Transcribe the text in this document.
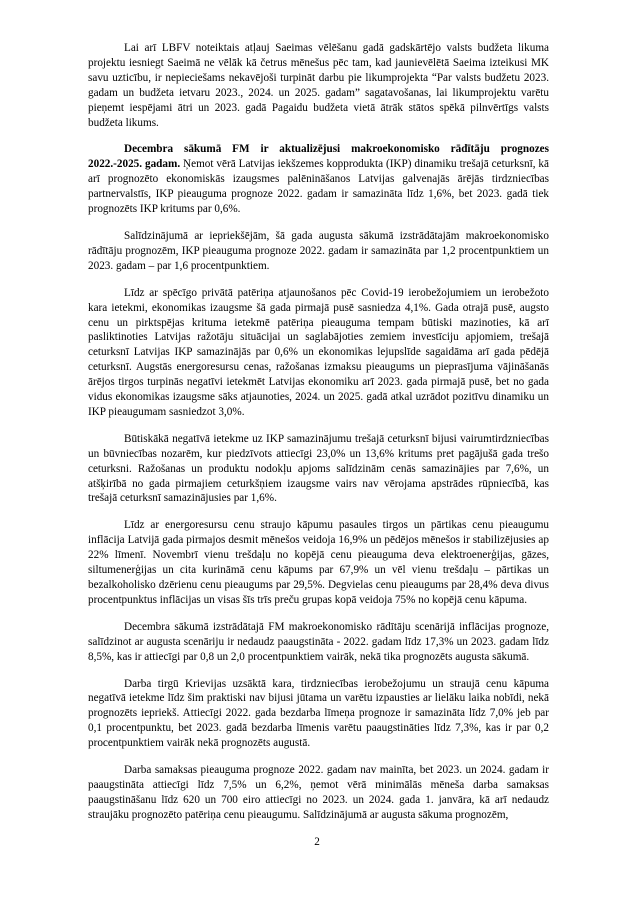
Lai arī LBFV noteiktais atļauj Saeimas vēlēšanu gadā gadskārtējo valsts budžeta likuma projektu iesniegt Saeimā ne vēlāk kā četrus mēnešus pēc tam, kad jaunievēlētā Saeima izteikusi MK savu uzticību, ir nepieciešams nekavējoši turpināt darbu pie likumprojekta “Par valsts budžetu 2023. gadam un budžeta ietvaru 2023., 2024. un 2025. gadam” sagatavošanas, lai likumprojektu varētu pieņemt iespējami ātri un 2023. gadā Pagaidu budžeta vietā ātrāk stātos spēkā pilnvērtīgs valsts budžeta likums.

Decembra sākumā FM ir aktualizējusi makroekonomisko rādītāju prognozes 2022.-2025. gadam. Ņemot vērā Latvijas iekšzemes kopprodukta (IKP) dinamiku trešajā ceturksnī, kā arī prognozēto ekonomiskās izaugsmes palēnināšanos Latvijas galvenajās ārējās tirdzniecības partnervalstīs, IKP pieauguma prognoze 2022. gadam ir samazināta līdz 1,6%, bet 2023. gadā tiek prognozēts IKP kritums par 0,6%.

Salīdzinājumā ar iepriekšējām, šā gada augusta sākumā izstrādātajām makroekonomisko rādītāju prognozēm, IKP pieauguma prognoze 2022. gadam ir samazināta par 1,2 procentpunktiem un 2023. gadam – par 1,6 procentpunktiem.

Līdz ar spēcīgo privātā patēriņa atjaunošanos pēc Covid-19 ierobežojumiem un ierobežoto kara ietekmi, ekonomikas izaugsme šā gada pirmajā pusē sasniedza 4,1%. Gada otrajā pusē, augsto cenu un pirktspējas krituma ietekmē patēriņa pieauguma tempam būtiski mazinoties, kā arī pasliktinoties Latvijas ražotāju situācijai un saglabājoties zemiem investīciju apjomiem, trešajā ceturksnī Latvijas IKP samazinājās par 0,6% un ekonomikas lejupslīde sagaidāma arī gada pēdējā ceturksnī. Augstās energoresursu cenas, ražošanas izmaksu pieaugums un pieprasījuma vājināšanās ārējos tirgos turpinās negatīvi ietekmēt Latvijas ekonomiku arī 2023. gada pirmajā pusē, bet no gada vidus ekonomikas izaugsme sāks atjaunoties, 2024. un 2025. gadā atkal uzrādot pozitīvu dinamiku un IKP pieaugumam sasniedzot 3,0%.

Būtiskākā negatīvā ietekme uz IKP samazinājumu trešajā ceturksnī bijusi vairumtirdzniecības un būvniecības nozarēm, kur piedzīvots attiecīgi 23,0% un 13,6% kritums pret pagājušā gada trešo ceturksni. Ražošanas un produktu nodokļu apjoms salīdzinām cenās samazinājies par 7,6%, un atšķirībā no gada pirmajiem ceturkšņiem izaugsme vairs nav vērojama apstrādes rūpniecībā, kas trešajā ceturksnī samazinājusies par 1,6%.

Līdz ar energoresursu cenu straujo kāpumu pasaules tirgos un pārtikas cenu pieaugumu inflācija Latvijā gada pirmajos desmit mēnešos veidoja 16,9% un pēdējos mēnešos ir stabilizējusies ap 22% līmenī. Novembrī vienu trešdaļu no kopējā cenu pieauguma deva elektroenerģijas, gāzes, siltumenerģijas un cita kurināmā cenu kāpums par 67,9% un vēl vienu trešdaļu – pārtikas un bezalkoholisko dzērienu cenu pieaugums par 29,5%. Degvielas cenu pieaugums par 28,4% deva divus procentpunktus inflācijas un visas šīs trīs preču grupas kopā veidoja 75% no kopējā cenu kāpuma.

Decembra sākumā izstrādātajā FM makroekonomisko rādītāju scenārijā inflācijas prognoze, salīdzinot ar augusta scenāriju ir nedaudz paaugstināta - 2022. gadam līdz 17,3% un 2023. gadam līdz 8,5%, kas ir attiecīgi par 0,8 un 2,0 procentpunktiem vairāk, nekā tika prognozēts augusta sākumā.

Darba tirgū Krievijas uzsāktā kara, tirdzniecības ierobežojumu un straujā cenu kāpuma negatīvā ietekme līdz šim praktiski nav bijusi jūtama un varētu izpausties ar lielāku laika nobīdi, nekā prognozēts iepriekš. Attiecīgi 2022. gada bezdarba līmeņa prognoze ir samazināta līdz 7,0% jeb par 0,1 procentpunktu, bet 2023. gadā bezdarba līmenis varētu paaugstināties līdz 7,3%, kas ir par 0,2 procentpunktiem vairāk nekā prognozēts augustā.

Darba samaksas pieauguma prognoze 2022. gadam nav mainīta, bet 2023. un 2024. gadam ir paaugstināta attiecīgi līdz 7,5% un 6,2%, ņemot vērā minimālās mēneša darba samaksas paaugstināšanu līdz 620 un 700 eiro attiecīgi no 2023. un 2024. gada 1. janvāra, kā arī nedaudz straujāku prognozēto patēriņa cenu pieaugumu. Salīdzinājumā ar augusta sākuma prognozēm,

2
